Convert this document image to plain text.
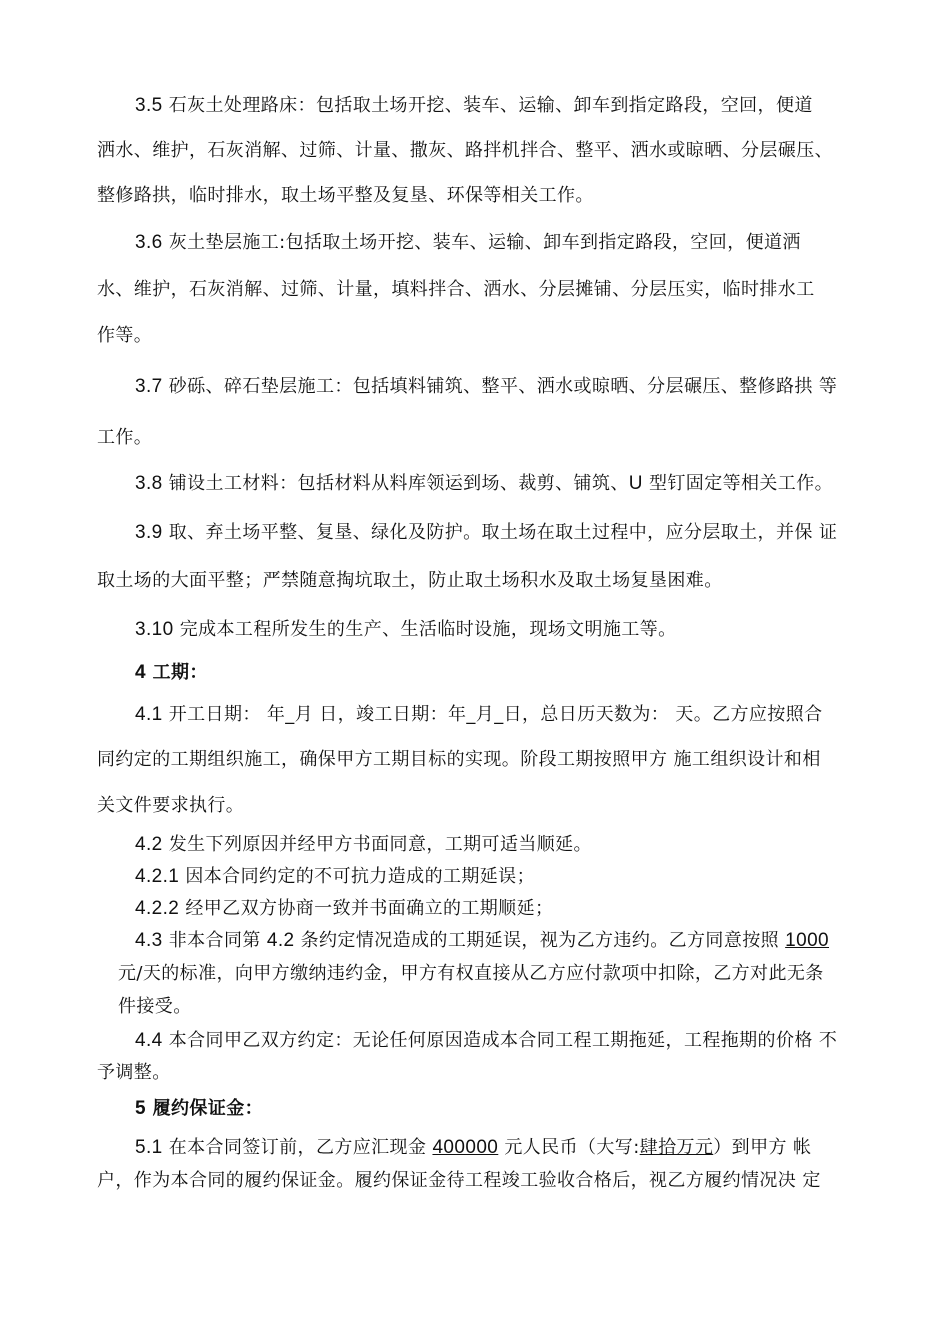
3.5 石灰土处理路床：包括取土场开挖、装车、运输、卸车到指定路段，空回，便道
洒水、维护，石灰消解、过筛、计量、撒灰、路拌机拌合、整平、洒水或晾晒、分层碾压、
整修路拱，临时排水，取土场平整及复垦、环保等相关工作。
3.6 灰土垫层施工:包括取土场开挖、装车、运输、卸车到指定路段，空回，便道洒
水、维护，石灰消解、过筛、计量，填料拌合、洒水、分层摊铺、分层压实，临时排水工
作等。
3.7 砂砾、碎石垫层施工：包括填料铺筑、整平、洒水或晾晒、分层碾压、整修路拱 等
工作。
3.8 铺设土工材料：包括材料从料库领运到场、裁剪、铺筑、U 型钉固定等相关工作。
3.9 取、弃土场平整、复垦、绿化及防护。取土场在取土过程中，应分层取土，并保 证
取土场的大面平整；严禁随意掏坑取土，防止取土场积水及取土场复垦困难。
3.10 完成本工程所发生的生产、生活临时设施，现场文明施工等。
4 工期：
4.1 开工日期： 年_月 日，竣工日期：年_月_日，总日历天数为： 天。乙方应按照合
同约定的工期组织施工，确保甲方工期目标的实现。阶段工期按照甲方 施工组织设计和相
关文件要求执行。
4.2 发生下列原因并经甲方书面同意，工期可适当顺延。
4.2.1 因本合同约定的不可抗力造成的工期延误；
4.2.2 经甲乙双方协商一致并书面确立的工期顺延；
4.3 非本合同第 4.2 条约定情况造成的工期延误，视为乙方违约。乙方同意按照 1000
元/天的标准，向甲方缴纳违约金，甲方有权直接从乙方应付款项中扣除，乙方对此无条
件接受。
4.4 本合同甲乙双方约定：无论任何原因造成本合同工程工期拖延，工程拖期的价格 不
予调整。
5 履约保证金：
5.1 在本合同签订前，乙方应汇现金 400000 元人民币（大写:肆拾万元）到甲方 帐
户，作为本合同的履约保证金。履约保证金待工程竣工验收合格后，视乙方履约情况决 定
